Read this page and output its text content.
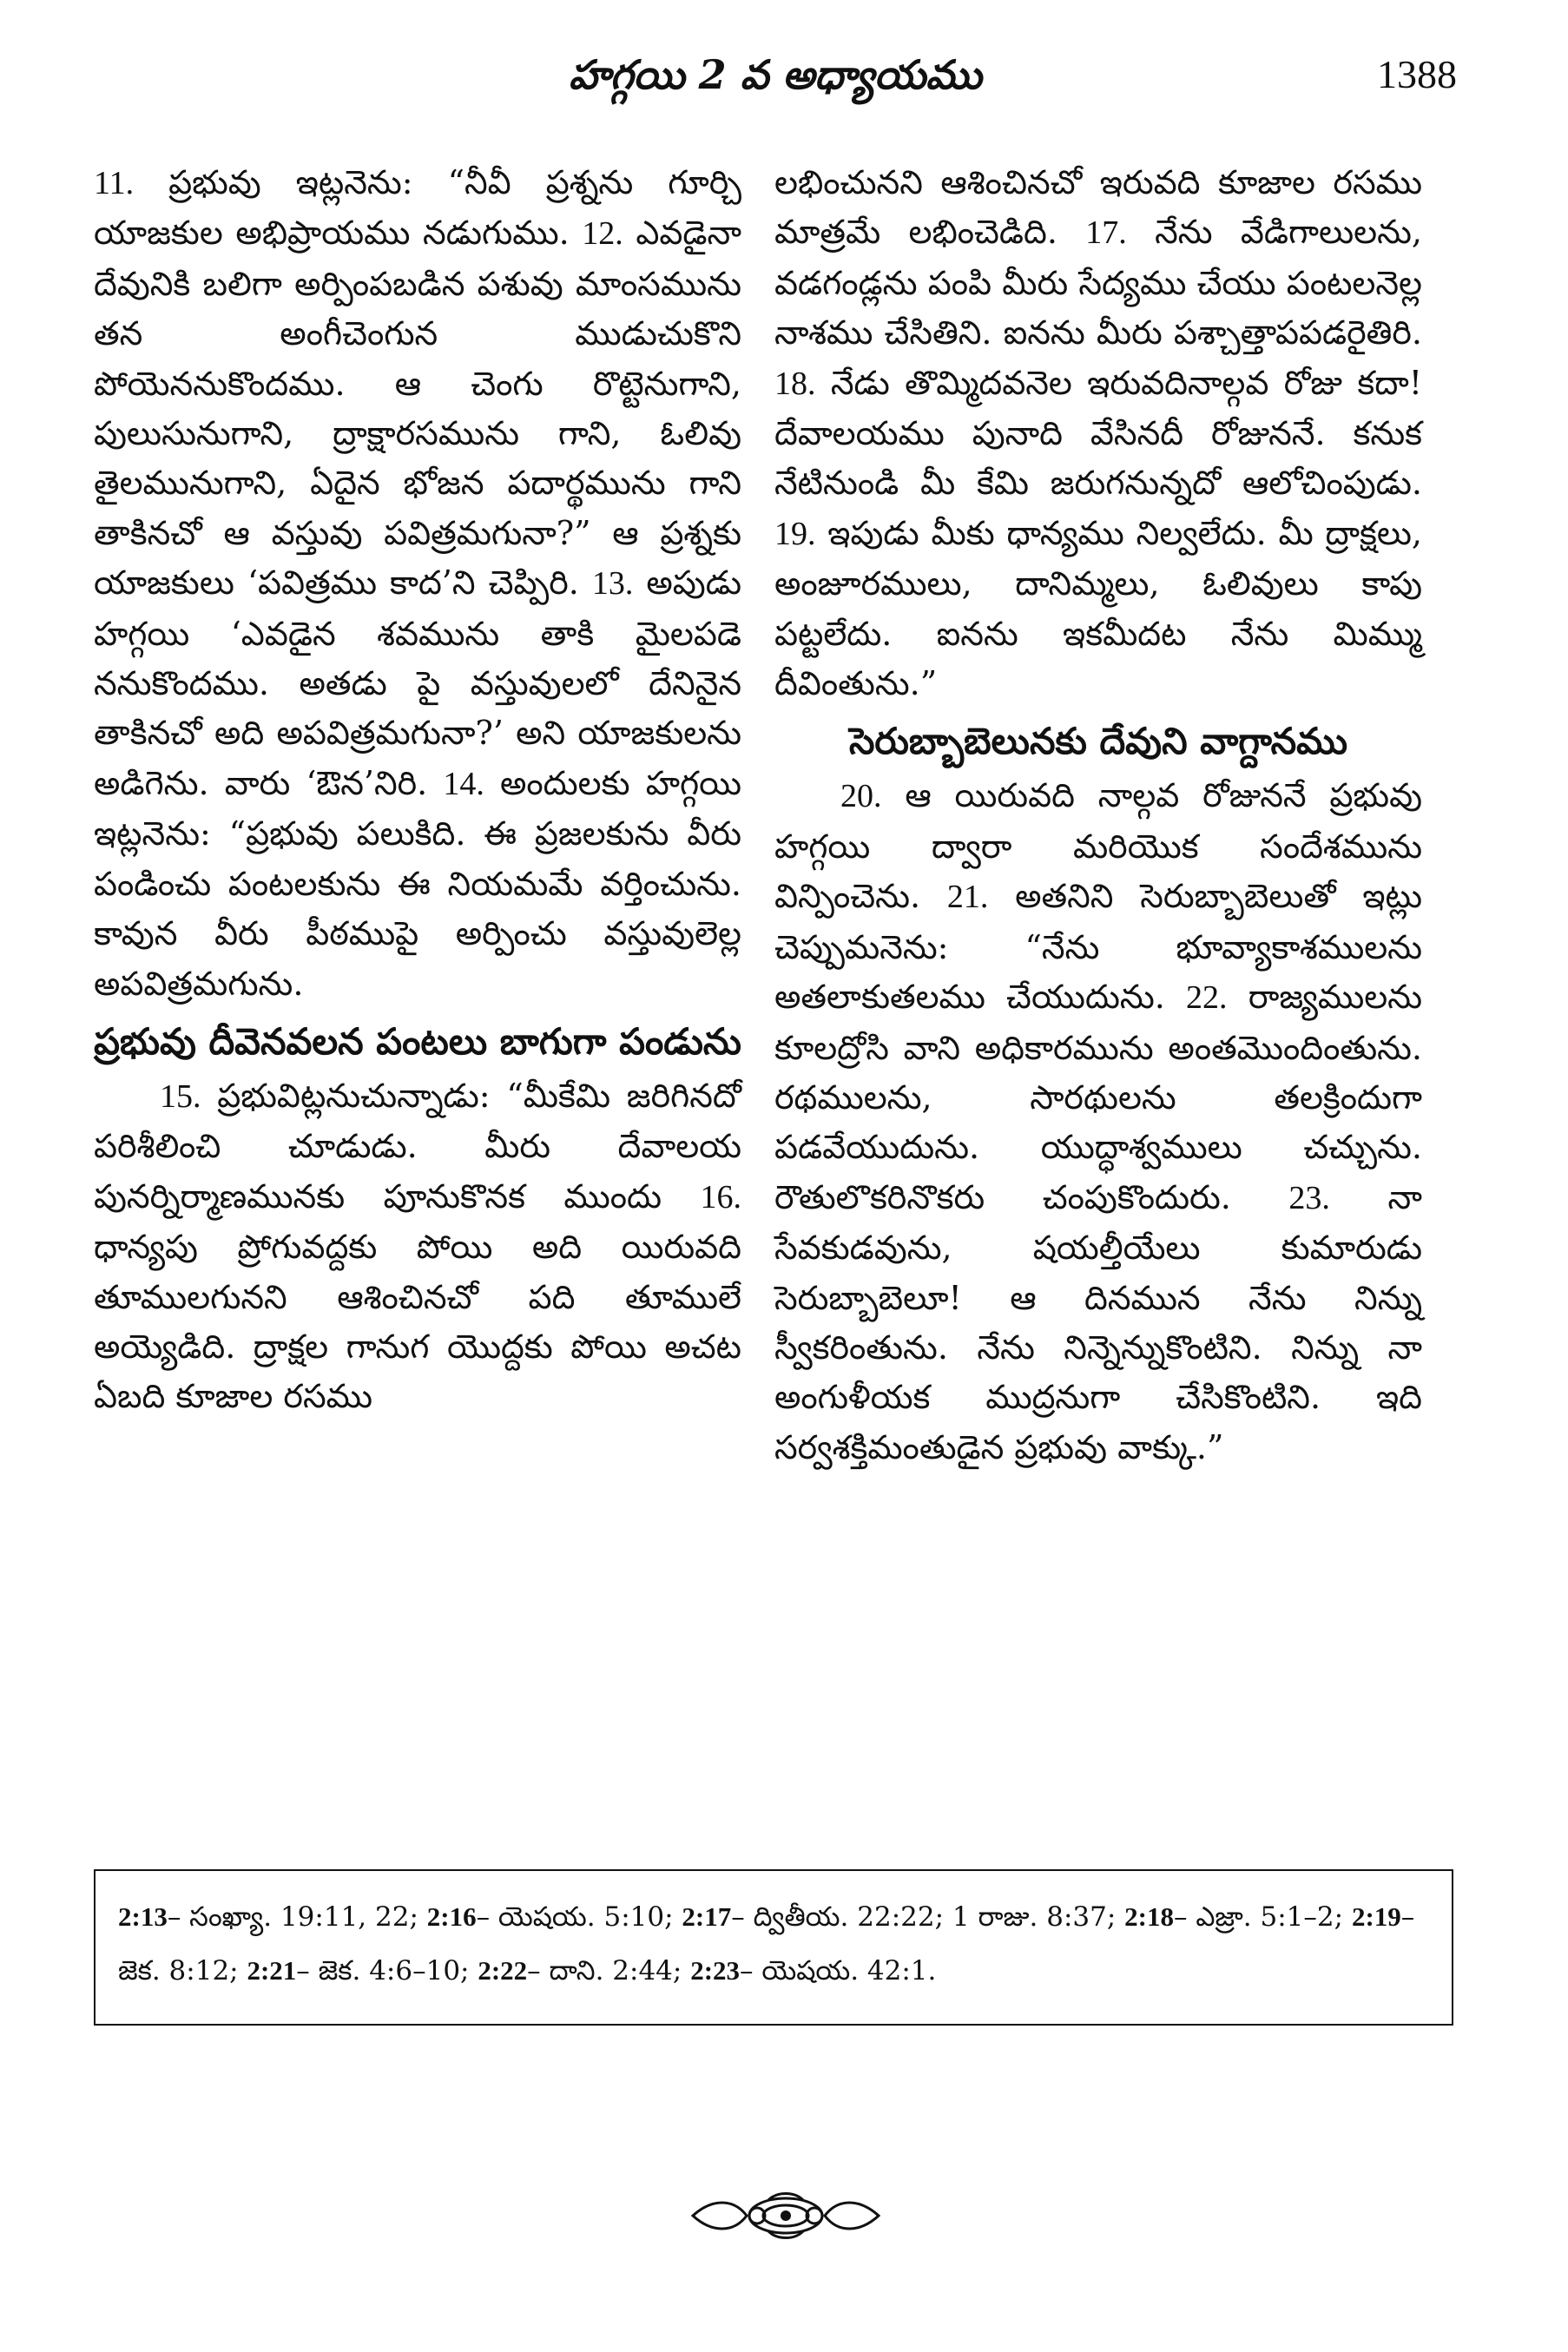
హగ్గయి 2 వ అధ్యాయము	1388

11. ప్రభువు ఇట్లనెను: “నీవీ ప్రశ్నను గూర్చి యాజకుల అభిప్రాయము నడుగుము. 12. ఎవడైనా దేవునికి బలిగా అర్పింపబడిన పశువు మాంసమును తన అంగీచెంగున ముడుచుకొని పోయెననుకొందము. ఆ చెంగు రొట్టెనుగాని, పులుసునుగాని, ద్రాక్షారసమును గాని, ఓలివు తైలమునుగాని, ఏదైన భోజన పదార్థమును గాని తాకినచో ఆ వస్తువు పవిత్రమగునా?” ఆ ప్రశ్నకు యాజకులు ‘పవిత్రము కాద’ని చెప్పిరి. 13. అపుడు హగ్గయి ‘ఎవడైన శవమును తాకి మైలపడె ననుకొందము. అతడు పై వస్తువులలో దేనినైన తాకినచో అది అపవిత్రమగునా?’ అని యాజకులను అడిగెను. వారు ‘ఔన’నిరి. 14. అందులకు హగ్గయి ఇట్లనెను: “ప్రభువు పలుకిది. ఈ ప్రజలకును వీరు పండించు పంటలకును ఈ నియమమే వర్తించును. కావున వీరు పీఠముపై అర్పించు వస్తువులెల్ల అపవిత్రమగును.

ప్రభువు దీవెనవలన పంటలు బాగుగా పండును

15. ప్రభువిట్లనుచున్నాడు: “మీకేమి జరిగినదో పరిశీలించి చూడుడు. మీరు దేవాలయ పునర్నిర్మాణమునకు పూనుకొనక ముందు 16. ధాన్యపు ప్రోగువద్దకు పోయి అది యిరువది తూములగునని ఆశించినచో పది తూములే అయ్యెడిది. ద్రాక్షల గానుగ యొద్దకు పోయి అచట ఏబది కూజాల రసము

లభించునని ఆశించినచో ఇరువది కూజాల రసము మాత్రమే లభించెడిది. 17. నేను వేడిగాలులను, వడగండ్లను పంపి మీరు సేద్యము చేయు పంటలనెల్ల నాశము చేసితిని. ఐనను మీరు పశ్చాత్తాపపడరైతిరి. 18. నేడు తొమ్మిదవనెల ఇరువదినాల్గవ రోజు కదా! దేవాలయము పునాది వేసినదీ రోజుననే. కనుక నేటినుండి మీ కేమి జరుగనున్నదో ఆలోచింపుడు. 19. ఇపుడు మీకు ధాన్యము నిల్వలేదు. మీ ద్రాక్షలు, అంజూరములు, దానిమ్మలు, ఓలివులు కాపు పట్టలేదు. ఐనను ఇకమీదట నేను మిమ్ము దీవింతును.”

సెరుబ్బాబెలునకు దేవుని వాగ్దానము

20. ఆ యిరువది నాల్గవ రోజుననే ప్రభువు హగ్గయి ద్వారా మరియొక సందేశమును విన్పించెను. 21. అతనిని సెరుబ్బాబెలుతో ఇట్లు చెప్పుమనెను: “నేను భూవ్యాకాశములను అతలాకుతలము చేయుదును. 22. రాజ్యములను కూలద్రోసి వాని అధికారమును అంతమొందింతును. రథములను, సారథులను తలక్రిందుగా పడవేయుదును. యుద్ధాశ్వములు చచ్చును. రౌతులొకరినొకరు చంపుకొందురు. 23. నా సేవకుడవును, షయల్తీయేలు కుమారుడు సెరుబ్బాబెలూ! ఆ దినమున నేను నిన్ను స్వీకరింతును. నేను నిన్నెన్నుకొంటిని. నిన్ను నా అంగుళీయక ముద్రనుగా చేసికొంటిని. ఇది సర్వశక్తిమంతుడైన ప్రభువు వాక్కు.”

2:13– సంఖ్యా. 19:11, 22; 2:16– యెషయ. 5:10; 2:17– ద్వితీయ. 22:22; 1 రాజు. 8:37; 2:18– ఎజ్రా. 5:1–2; 2:19– జెక. 8:12; 2:21– జెక. 4:6–10; 2:22– దాని. 2:44; 2:23– యెషయ. 42:1.
